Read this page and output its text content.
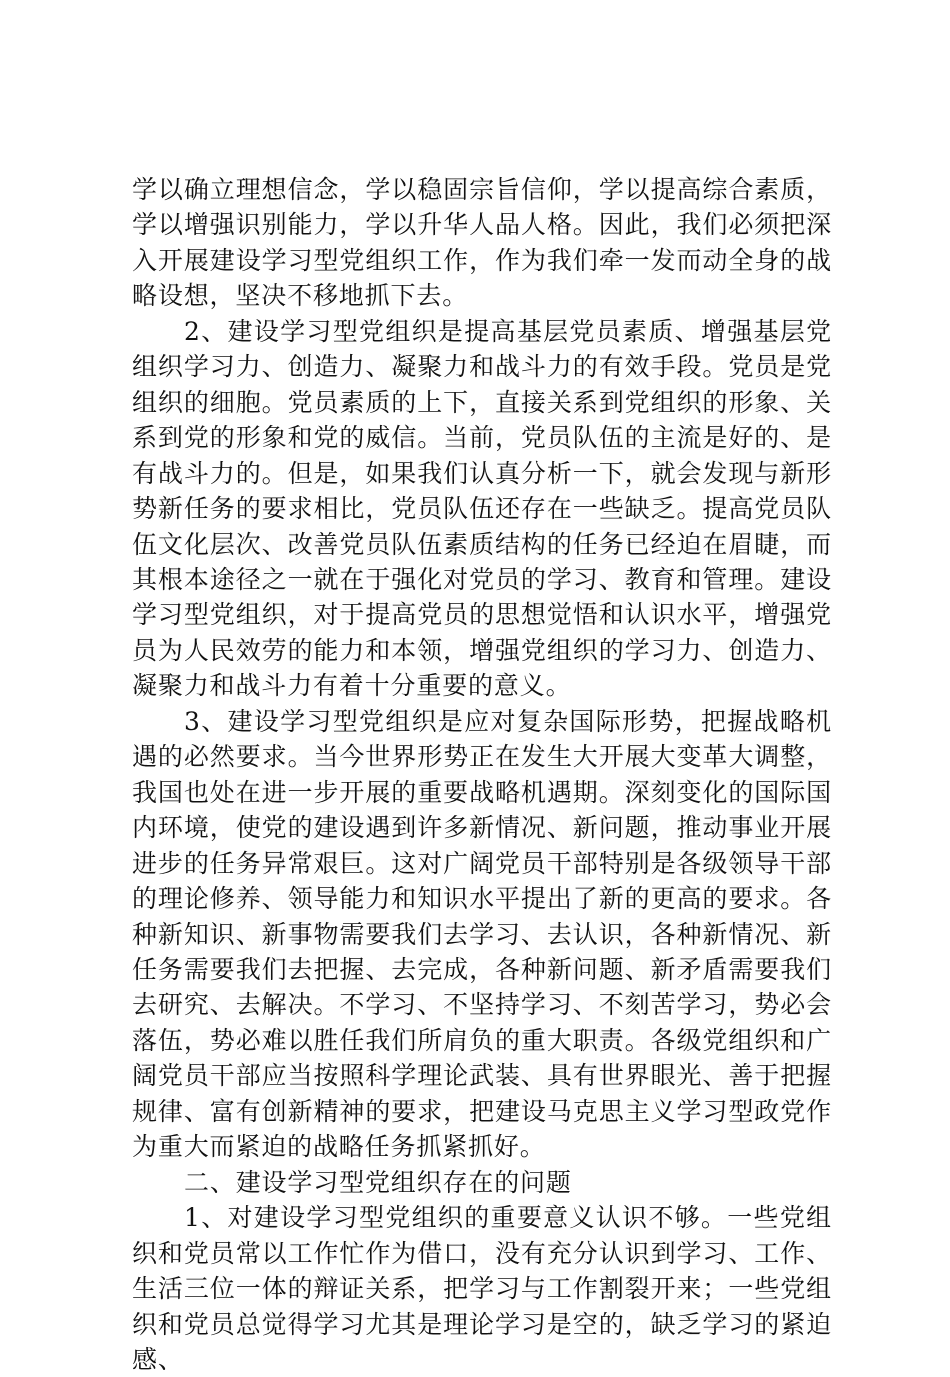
学以确立理想信念，学以稳固宗旨信仰，学以提高综合素质，学以增强识别能力，学以升华人品人格。因此，我们必须把深入开展建设学习型党组织工作，作为我们牵一发而动全身的战略设想，坚决不移地抓下去。

2、建设学习型党组织是提高基层党员素质、增强基层党组织学习力、创造力、凝聚力和战斗力的有效手段。党员是党组织的细胞。党员素质的上下，直接关系到党组织的形象、关系到党的形象和党的威信。当前，党员队伍的主流是好的、是有战斗力的。但是，如果我们认真分析一下，就会发现与新形势新任务的要求相比，党员队伍还存在一些缺乏。提高党员队伍文化层次、改善党员队伍素质结构的任务已经迫在眉睫，而其根本途径之一就在于强化对党员的学习、教育和管理。建设学习型党组织，对于提高党员的思想觉悟和认识水平，增强党员为人民效劳的能力和本领，增强党组织的学习力、创造力、凝聚力和战斗力有着十分重要的意义。

3、建设学习型党组织是应对复杂国际形势，把握战略机遇的必然要求。当今世界形势正在发生大开展大变革大调整，我国也处在进一步开展的重要战略机遇期。深刻变化的国际国内环境，使党的建设遇到许多新情况、新问题，推动事业开展进步的任务异常艰巨。这对广阔党员干部特别是各级领导干部的理论修养、领导能力和知识水平提出了新的更高的要求。各种新知识、新事物需要我们去学习、去认识，各种新情况、新任务需要我们去把握、去完成，各种新问题、新矛盾需要我们去研究、去解决。不学习、不坚持学习、不刻苦学习，势必会落伍，势必难以胜任我们所肩负的重大职责。各级党组织和广阔党员干部应当按照科学理论武装、具有世界眼光、善于把握规律、富有创新精神的要求，把建设马克思主义学习型政党作为重大而紧迫的战略任务抓紧抓好。

二、建设学习型党组织存在的问题

1、对建设学习型党组织的重要意义认识不够。一些党组织和党员常以工作忙作为借口，没有充分认识到学习、工作、生活三位一体的辩证关系，把学习与工作割裂开来；一些党组织和党员总觉得学习尤其是理论学习是空的，缺乏学习的紧迫感、
